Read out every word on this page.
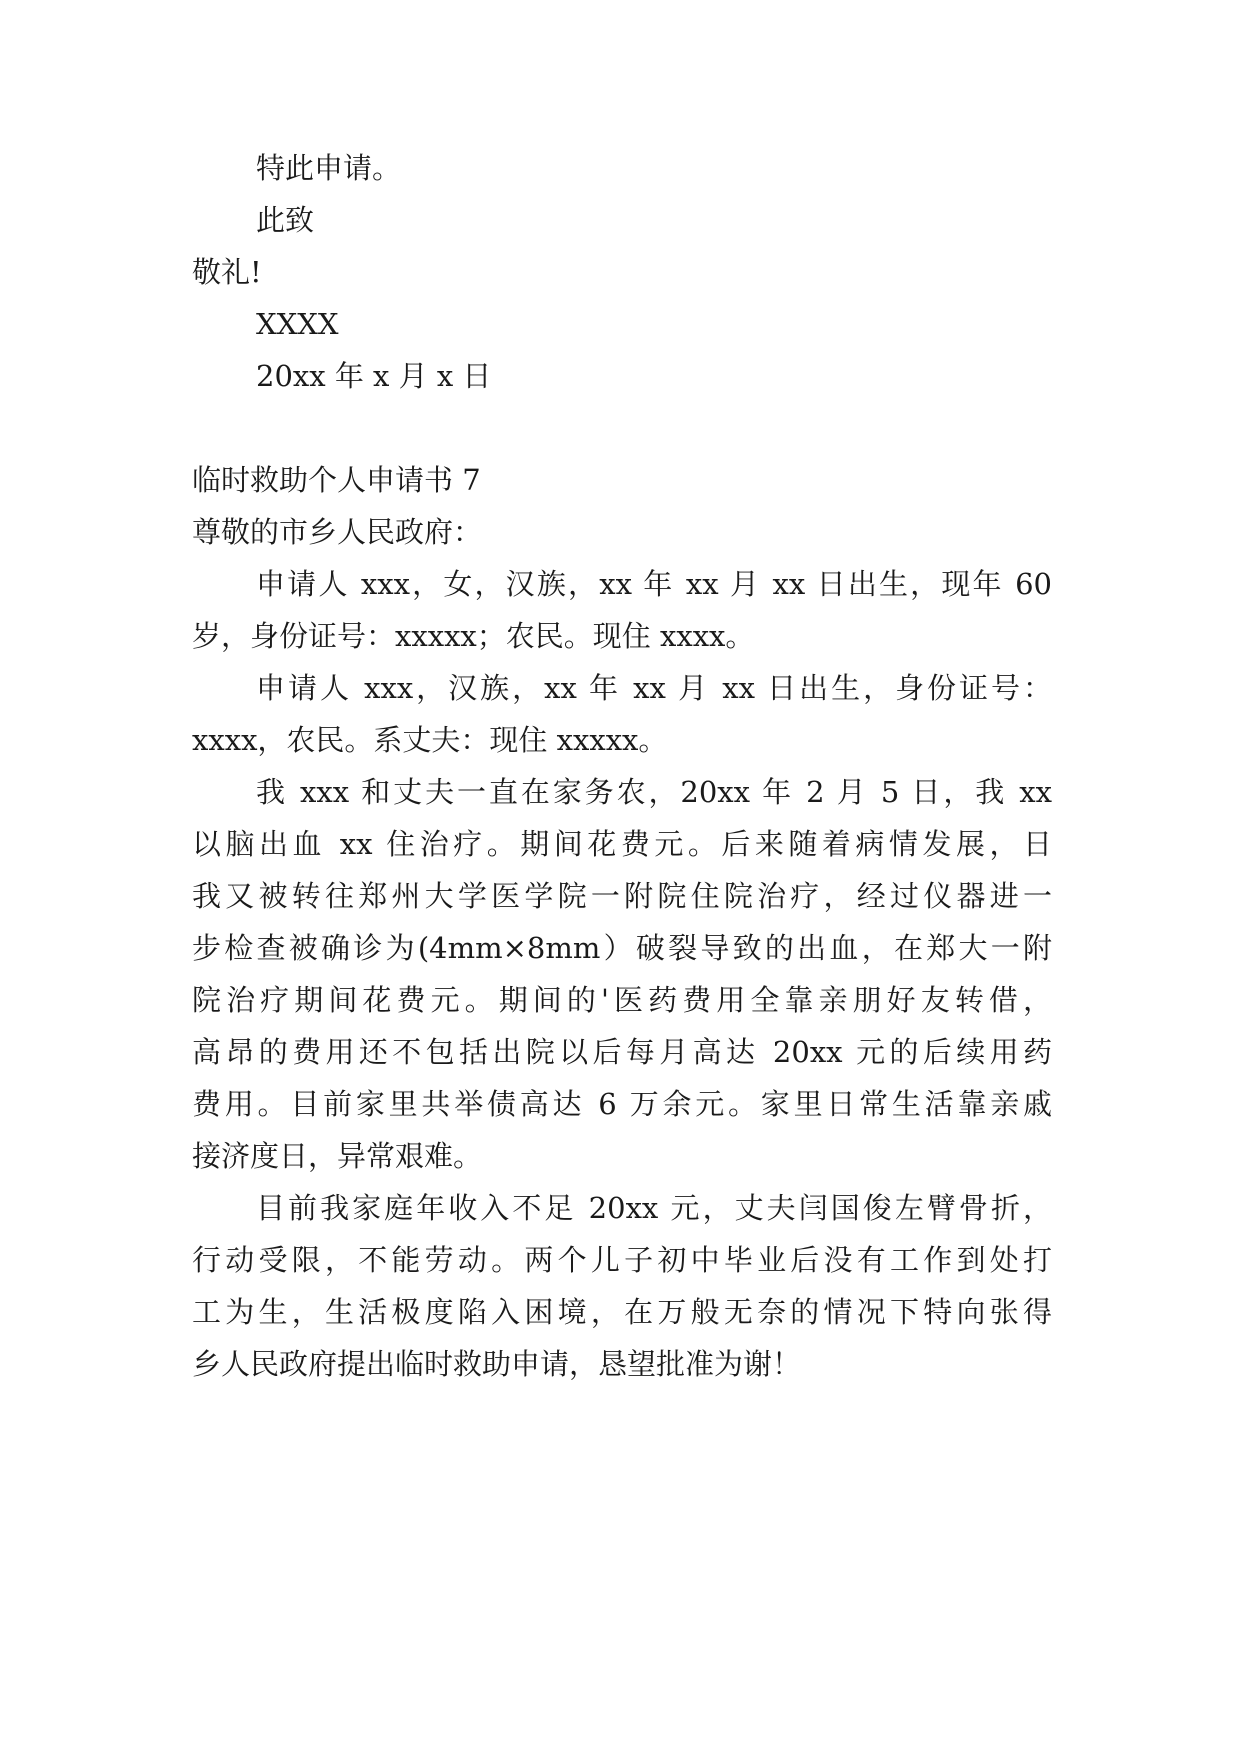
特此申请。
此致
敬礼!
XXXX
20xx 年 x 月 x 日
临时救助个人申请书 7
尊敬的市乡人民政府：
申请人 xxx，女，汉族，xx 年 xx 月 xx 日出生，现年 60
岁，身份证号：xxxxx；农民。现住 xxxx。
申请人 xxx，汉族，xx 年 xx 月 xx 日出生，身份证号：
xxxx，农民。系丈夫：现住 xxxxx。
我 xxx 和丈夫一直在家务农，20xx 年 2 月 5 日，我 xx
以脑出血 xx 住治疗。期间花费元。后来随着病情发展，日
我又被转往郑州大学医学院一附院住院治疗，经过仪器进一
步检查被确诊为(4mm×8mm）破裂导致的出血，在郑大一附
院治疗期间花费元。期间的'医药费用全靠亲朋好友转借，
高昂的费用还不包括出院以后每月高达 20xx 元的后续用药
费用。目前家里共举债高达 6 万余元。家里日常生活靠亲戚
接济度日，异常艰难。
目前我家庭年收入不足 20xx 元，丈夫闫国俊左臂骨折，
行动受限，不能劳动。两个儿子初中毕业后没有工作到处打
工为生，生活极度陷入困境，在万般无奈的情况下特向张得
乡人民政府提出临时救助申请，恳望批准为谢！
